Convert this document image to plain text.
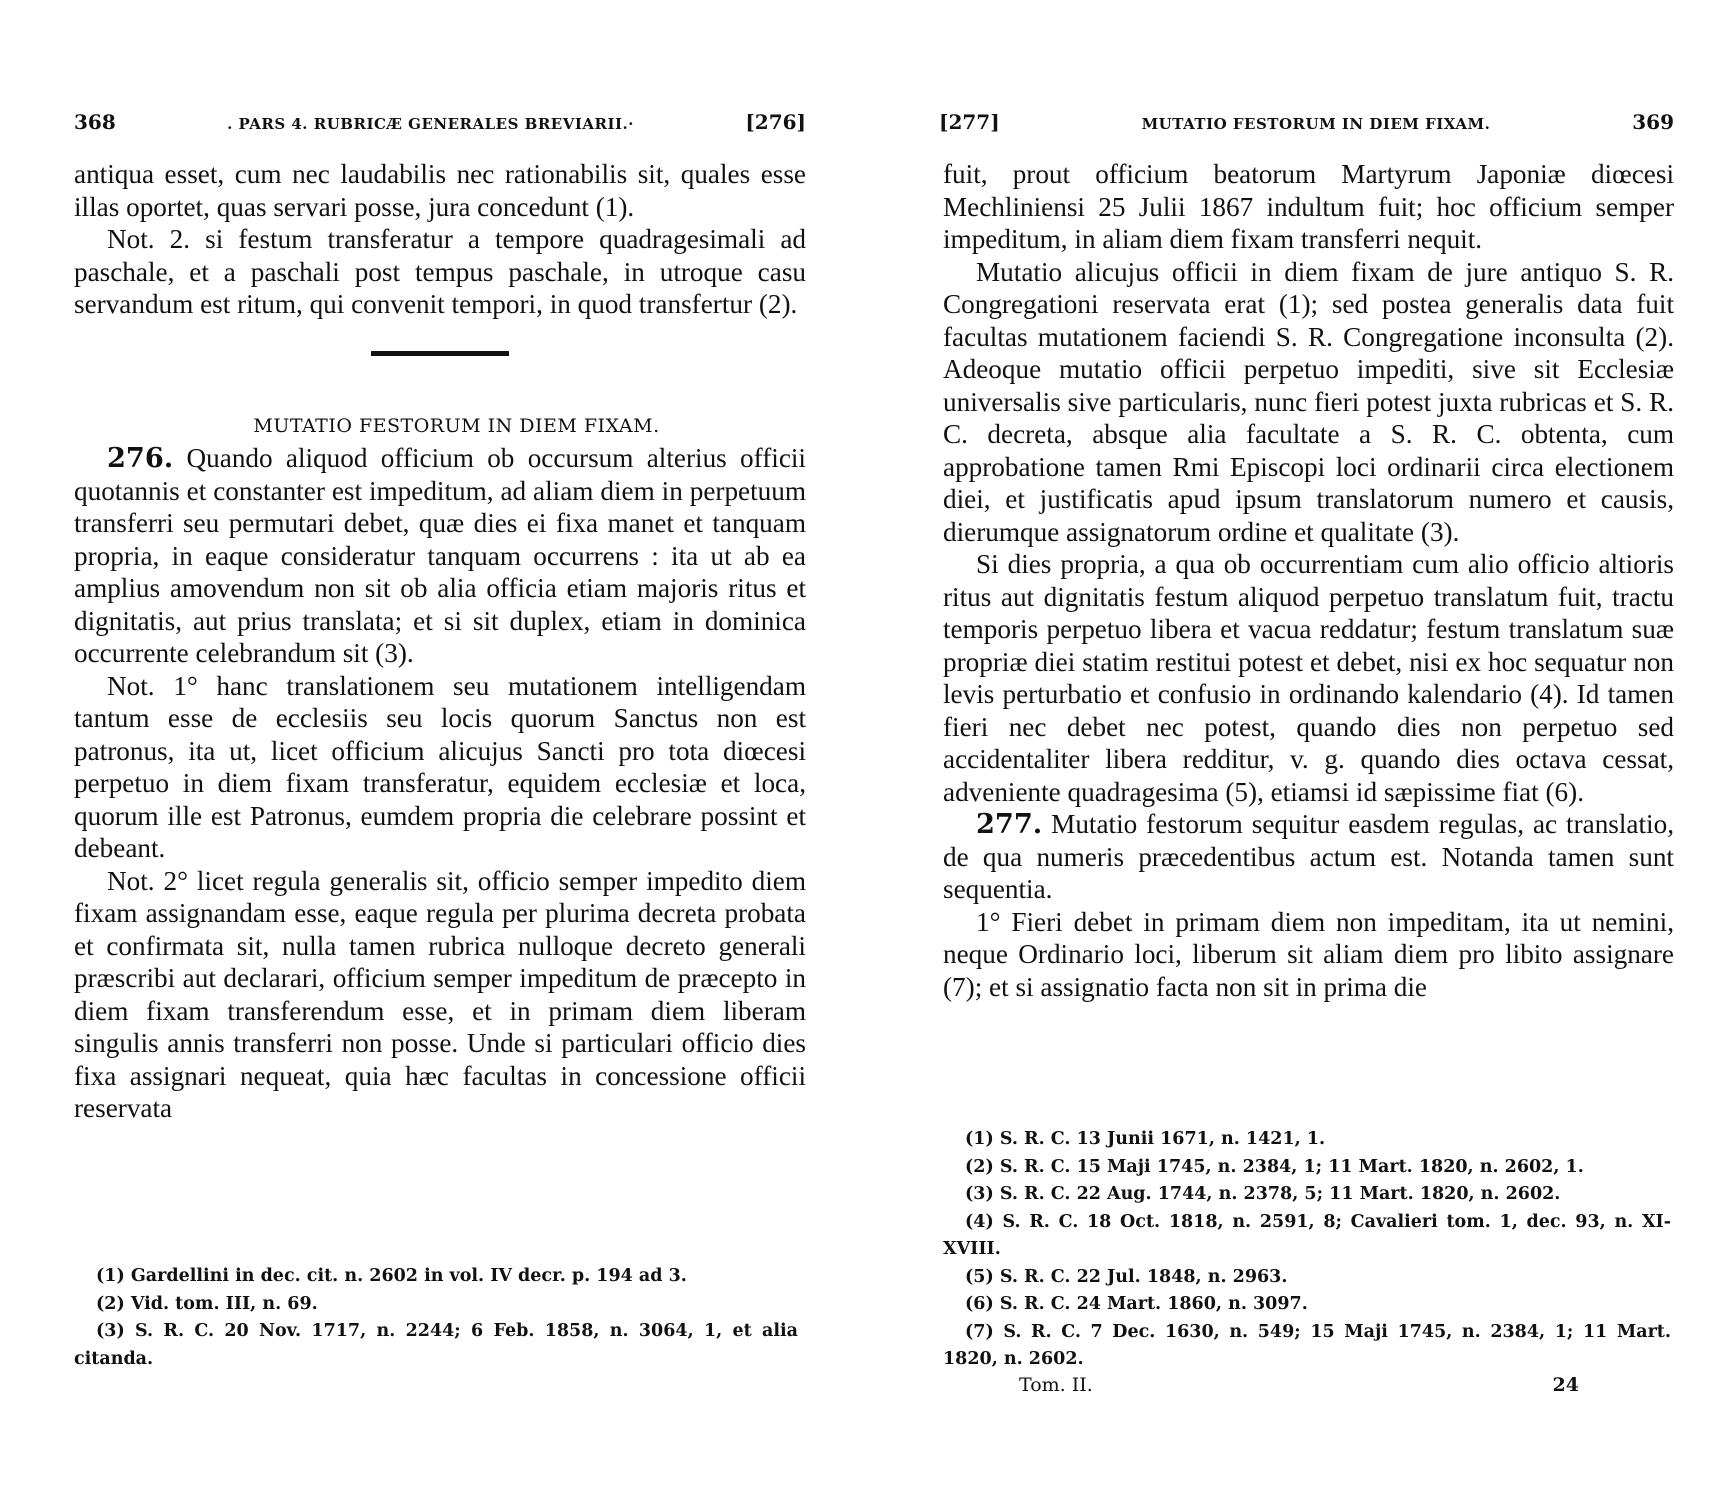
368	. PARS 4. RUBRICÆ GENERALES BREVIARII.·	[276]

antiqua esset, cum nec laudabilis nec rationabilis sit, quales esse illas oportet, quas servari posse, jura concedunt (1).

Not. 2. si festum transferatur a tempore quadragesimali ad paschale, et a paschali post tempus paschale, in utroque casu servandum est ritum, qui convenit tempori, in quod transfertur (2).

MUTATIO FESTORUM IN DIEM FIXAM.

276. Quando aliquod officium ob occursum alterius officii quotannis et constanter est impeditum, ad aliam diem in perpetuum transferri seu permutari debet, quæ dies ei fixa manet et tanquam propria, in eaque consideratur tanquam occurrens : ita ut ab ea amplius amovendum non sit ob alia officia etiam majoris ritus et dignitatis, aut prius translata; et si sit duplex, etiam in dominica occurrente celebrandum sit (3).

Not. 1° hanc translationem seu mutationem intelligendam tantum esse de ecclesiis seu locis quorum Sanctus non est patronus, ita ut, licet officium alicujus Sancti pro tota diœcesi perpetuo in diem fixam transferatur, equidem ecclesiæ et loca, quorum ille est Patronus, eumdem propria die celebrare possint et debeant.

Not. 2° licet regula generalis sit, officio semper impedito diem fixam assignandam esse, eaque regula per plurima decreta probata et confirmata sit, nulla tamen rubrica nulloque decreto generali præscribi aut declarari, officium semper impeditum de præcepto in diem fixam transferendum esse, et in primam diem liberam singulis annis transferri non posse. Unde si particulari officio dies fixa assignari nequeat, quia hæc facultas in concessione officii reservata

(1) Gardellini in dec. cit. n. 2602 in vol. IV decr. p. 194 ad 3.
(2) Vid. tom. III, n. 69.
(3) S. R. C. 20 Nov. 1717, n. 2244; 6 Feb. 1858, n. 3064, 1, et alia citanda.
[277]	MUTATIO FESTORUM IN DIEM FIXAM.	369

fuit, prout officium beatorum Martyrum Japoniæ diœcesi Mechliniensi 25 Julii 1867 indultum fuit; hoc officium semper impeditum, in aliam diem fixam transferri nequit.

Mutatio alicujus officii in diem fixam de jure antiquo S. R. Congregationi reservata erat (1); sed postea generalis data fuit facultas mutationem faciendi S. R. Congregatione inconsulta (2). Adeoque mutatio officii perpetuo impediti, sive sit Ecclesiæ universalis sive particularis, nunc fieri potest juxta rubricas et S. R. C. decreta, absque alia facultate a S. R. C. obtenta, cum approbatione tamen Rmi Episcopi loci ordinarii circa electionem diei, et justificatis apud ipsum translatorum numero et causis, dierumque assignatorum ordine et qualitate (3).

Si dies propria, a qua ob occurrentiam cum alio officio altioris ritus aut dignitatis festum aliquod perpetuo translatum fuit, tractu temporis perpetuo libera et vacua reddatur; festum translatum suæ propriæ diei statim restitui potest et debet, nisi ex hoc sequatur non levis perturbatio et confusio in ordinando kalendario (4). Id tamen fieri nec debet nec potest, quando dies non perpetuo sed accidentaliter libera redditur, v. g. quando dies octava cessat, adveniente quadragesima (5), etiamsi id sæpissime fiat (6).

277. Mutatio festorum sequitur easdem regulas, ac translatio, de qua numeris præcedentibus actum est. Notanda tamen sunt sequentia.

1° Fieri debet in primam diem non impeditam, ita ut nemini, neque Ordinario loci, liberum sit aliam diem pro libito assignare (7); et si assignatio facta non sit in prima die

(1) S. R. C. 13 Junii 1671, n. 1421, 1.
(2) S. R. C. 15 Maji 1745, n. 2384, 1; 11 Mart. 1820, n. 2602, 1.
(3) S. R. C. 22 Aug. 1744, n. 2378, 5; 11 Mart. 1820, n. 2602.
(4) S. R. C. 18 Oct. 1818, n. 2591, 8; Cavalieri tom. 1, dec. 93, n. XI-XVIII.
(5) S. R. C. 22 Jul. 1848, n. 2963.
(6) S. R. C. 24 Mart. 1860, n. 3097.
(7) S. R. C. 7 Dec. 1630, n. 549; 15 Maji 1745, n. 2384, 1; 11 Mart. 1820, n. 2602.
Tom. II.	24
